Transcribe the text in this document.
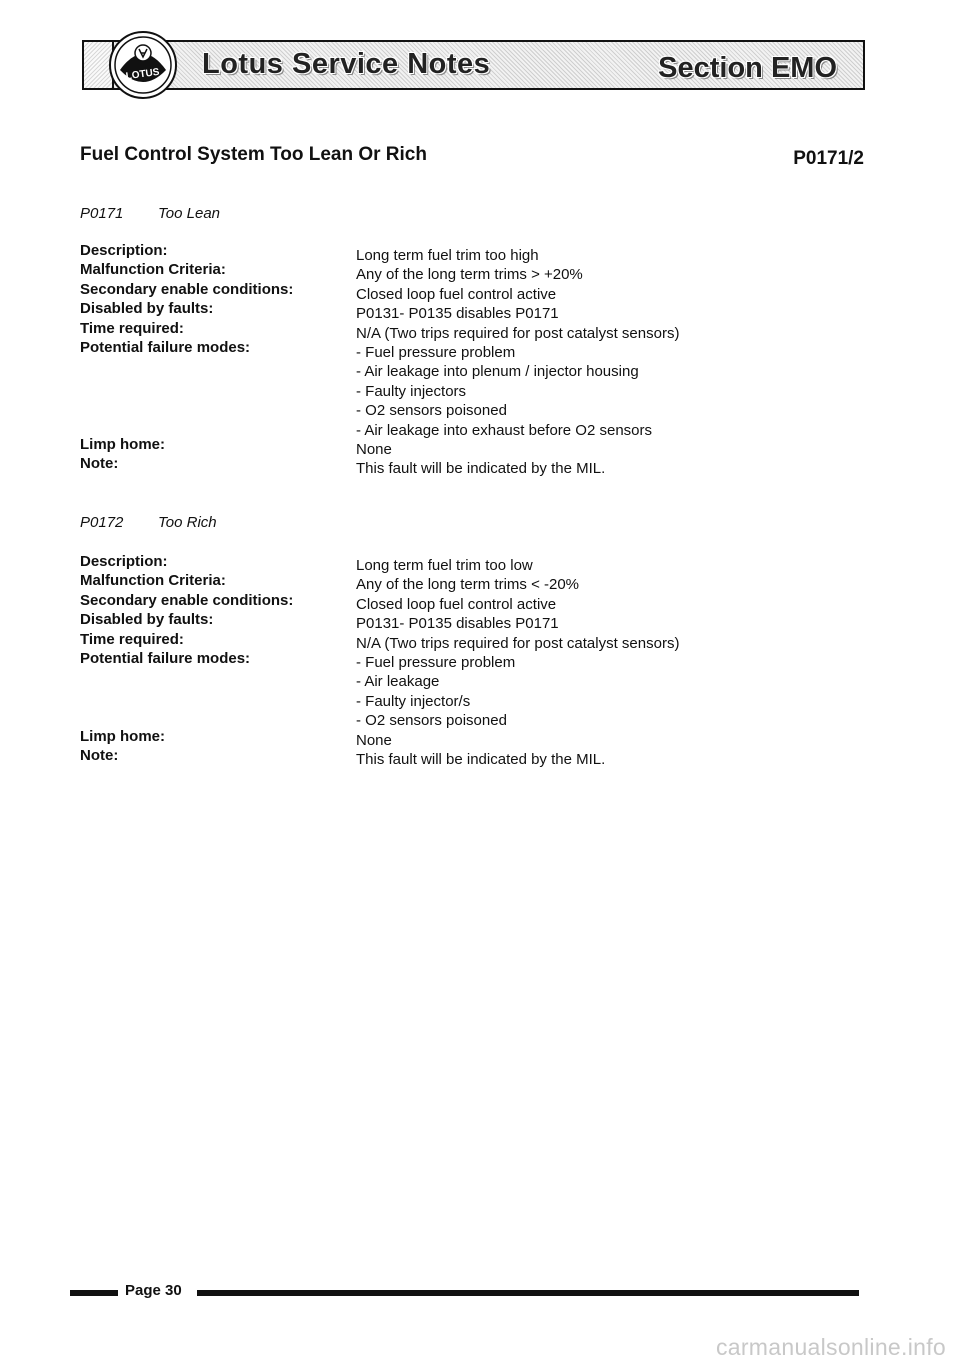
Lotus Service Notes	Section EMO
LOTUS
Fuel Control System Too Lean Or Rich	P0171/2
P0171 Too Lean
Description:
Malfunction Criteria:
Secondary enable conditions:
Disabled by faults:
Time required:
Potential failure modes:
Limp home:
Note:
Long term fuel trim too high
Any of the long term trims > +20%
Closed loop fuel control active
P0131- P0135 disables P0171
N/A (Two trips required for post catalyst sensors)
- Fuel pressure problem
- Air leakage into plenum / injector housing
- Faulty injectors
- O2 sensors poisoned
- Air leakage into exhaust before O2 sensors
None
This fault will be indicated by the MIL.
P0172 Too Rich
Description:
Malfunction Criteria:
Secondary enable conditions:
Disabled by faults:
Time required:
Potential failure modes:
Limp home:
Note:
Long term fuel trim too low
Any of the long term trims < -20%
Closed loop fuel control active
P0131- P0135 disables P0171
N/A (Two trips required for post catalyst sensors)
- Fuel pressure problem
- Air leakage
- Faulty injector/s
- O2 sensors poisoned
None
This fault will be indicated by the MIL.
Page 30
carmanualsonline.info
